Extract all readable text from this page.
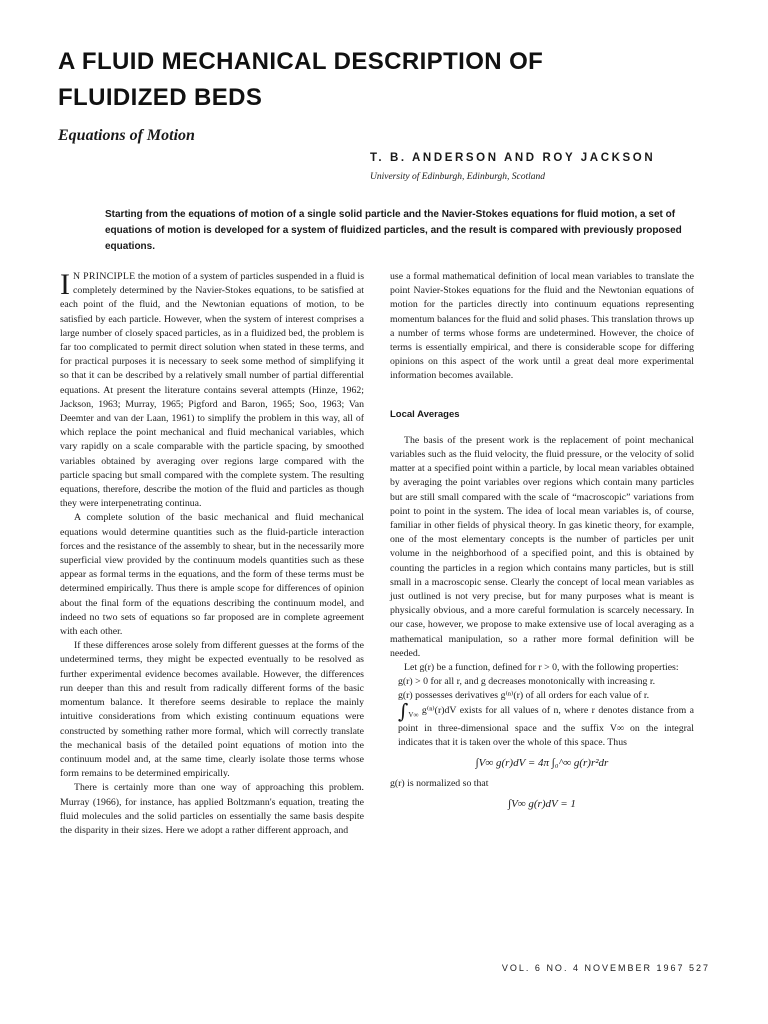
A FLUID MECHANICAL DESCRIPTION OF
FLUIDIZED BEDS
Equations of Motion
T. B. ANDERSON AND ROY JACKSON
University of Edinburgh, Edinburgh, Scotland

Starting from the equations of motion of a single solid particle and the Navier-Stokes equations for fluid motion, a set of equations of motion is developed for a system of fluidized particles, and the result is compared with previously proposed equations.

I N PRINCIPLE the motion of a system of particles suspended in a fluid is completely determined by the Navier-Stokes equations, to be satisfied at each point of the fluid, and the Newtonian equations of motion, to be satisfied by each particle. However, when the system of interest comprises a large number of closely spaced particles, as in a fluidized bed, the problem is far too complicated to permit direct solution when stated in these terms, and for practical purposes it is necessary to seek some method of simplifying it so that it can be described by a relatively small number of partial differential equations. At present the literature contains several attempts (Hinze, 1962; Jackson, 1963; Murray, 1965; Pigford and Baron, 1965; Soo, 1963; Van Deemter and van der Laan, 1961) to simplify the problem in this way, all of which replace the point mechanical and fluid mechanical variables, which vary rapidly on a scale comparable with the particle spacing, by smoothed variables obtained by averaging over regions large compared with the particle spacing but small compared with the complete system. The resulting equations, therefore, describe the motion of the fluid and particles as though they were interpenetrating continua.

A complete solution of the basic mechanical and fluid mechanical equations would determine quantities such as the fluid-particle interaction forces and the resistance of the assembly to shear, but in the necessarily more superficial view provided by the continuum models quantities such as these appear as formal terms in the equations, and the form of these terms must be determined empirically. Thus there is ample scope for differences of opinion about the final form of the equations describing the continuum model, and indeed no two sets of equations so far proposed are in complete agreement with each other.

If these differences arose solely from different guesses at the forms of the undetermined terms, they might be expected eventually to be resolved as further experimental evidence becomes available. However, the differences run deeper than this and result from radically different forms of the basic momentum balance. It therefore seems desirable to replace the mainly intuitive considerations from which existing continuum equations were constructed by something rather more formal, which will correctly translate the mechanical basis of the detailed point equations of motion into the continuum model and, at the same time, clearly isolate those terms whose form remains to be determined empirically.

There is certainly more than one way of approaching this problem. Murray (1966), for instance, has applied Boltzmann's equation, treating the fluid molecules and the solid particles on essentially the same basis despite the disparity in their sizes. Here we adopt a rather different approach, and

use a formal mathematical definition of local mean variables to translate the point Navier-Stokes equations for the fluid and the Newtonian equations of motion for the particles directly into continuum equations representing momentum balances for the fluid and solid phases. This translation throws up a number of terms whose forms are undetermined. However, the choice of terms is essentially empirical, and there is considerable scope for differing opinions on this aspect of the work until a great deal more experimental information becomes available.

Local Averages

The basis of the present work is the replacement of point mechanical variables such as the fluid velocity, the fluid pressure, or the velocity of solid matter at a specified point within a particle, by local mean variables obtained by averaging the point variables over regions which contain many particles but are still small compared with the scale of “macroscopic” variations from point to point in the system. The idea of local mean variables is, of course, familiar in other fields of physical theory. In gas kinetic theory, for example, one of the most elementary concepts is the number of particles per unit volume in the neighborhood of a specified point, and this is obtained by counting the particles in a region which contains many particles, but is still small in a macroscopic sense. Clearly the concept of local mean variables as just outlined is not very precise, but for many purposes what is meant is physically obvious, and a more careful formulation is scarcely necessary. In our case, however, we propose to make extensive use of local averaging as a mathematical manipulation, so a rather more formal definition will be needed.

Let g(r) be a function, defined for r > 0, with the following properties:

g(r) > 0 for all r, and g decreases monotonically with increasing r.

g(r) possesses derivatives g⁽ⁿ⁾(r) of all orders for each value of r.

$\int_{V\infty}$ g⁽ⁿ⁾(r)dV exists for all values of n, where r denotes distance from a point in three-dimensional space and the suffix V∞ on the integral indicates that it is taken over the whole of this space. Thus

∫V∞ g(r)dV = 4π ∫₀^∞ g(r)r²dr

g(r) is normalized so that

∫V∞ g(r)dV = 1
VOL. 6 NO. 4 NOVEMBER 1967 527
